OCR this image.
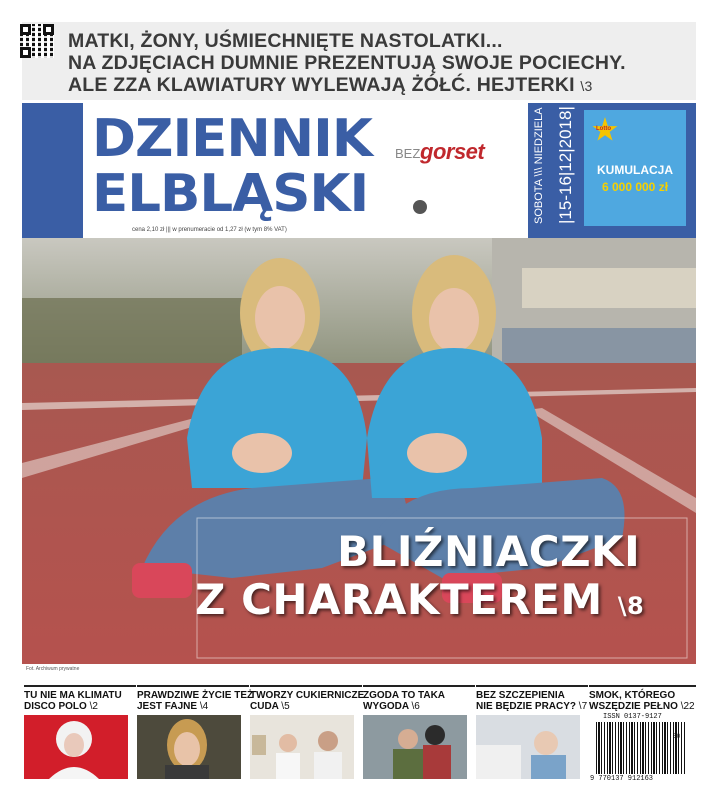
MATKI, ŻONY, UŚMIECHNIĘTE NASTOLATKI...
NA ZDJĘCIACH DUMNIE PREZENTUJĄ SWOJE POCIECHY.
ALE ZZA KLAWIATURY WYLEWAJĄ ŻÓŁĆ. HEJTERKI \3
DZIENNIK
ELBLĄSKI
BEZ gorset
cena 2,10 zł ||| w prenumeracie od 1,27 zł (w tym 8% VAT)
SOBOTA \\\ NIEDZIELA |15-16|12|2018|	Lotto
KUMULACJA
6 000 000 zł
BLIŹNIACZKI
Z CHARAKTEREM \8
Fot. Archiwum prywatne
TU NIE MA KLIMATU
DISCO POLO \2
PRAWDZIWE ŻYCIE TEŻ
JEST FAJNE \4
TWORZY CUKIERNICZE
CUDA \5
ZGODA TO TAKA
WYGODA \6
BEZ SZCZEPIENIA
NIE BĘDZIE PRACY? \7
SMOK, KTÓREGO
WSZĘDZIE PEŁNO \22
ISSN 0137-9127
50
9 770137 912163
